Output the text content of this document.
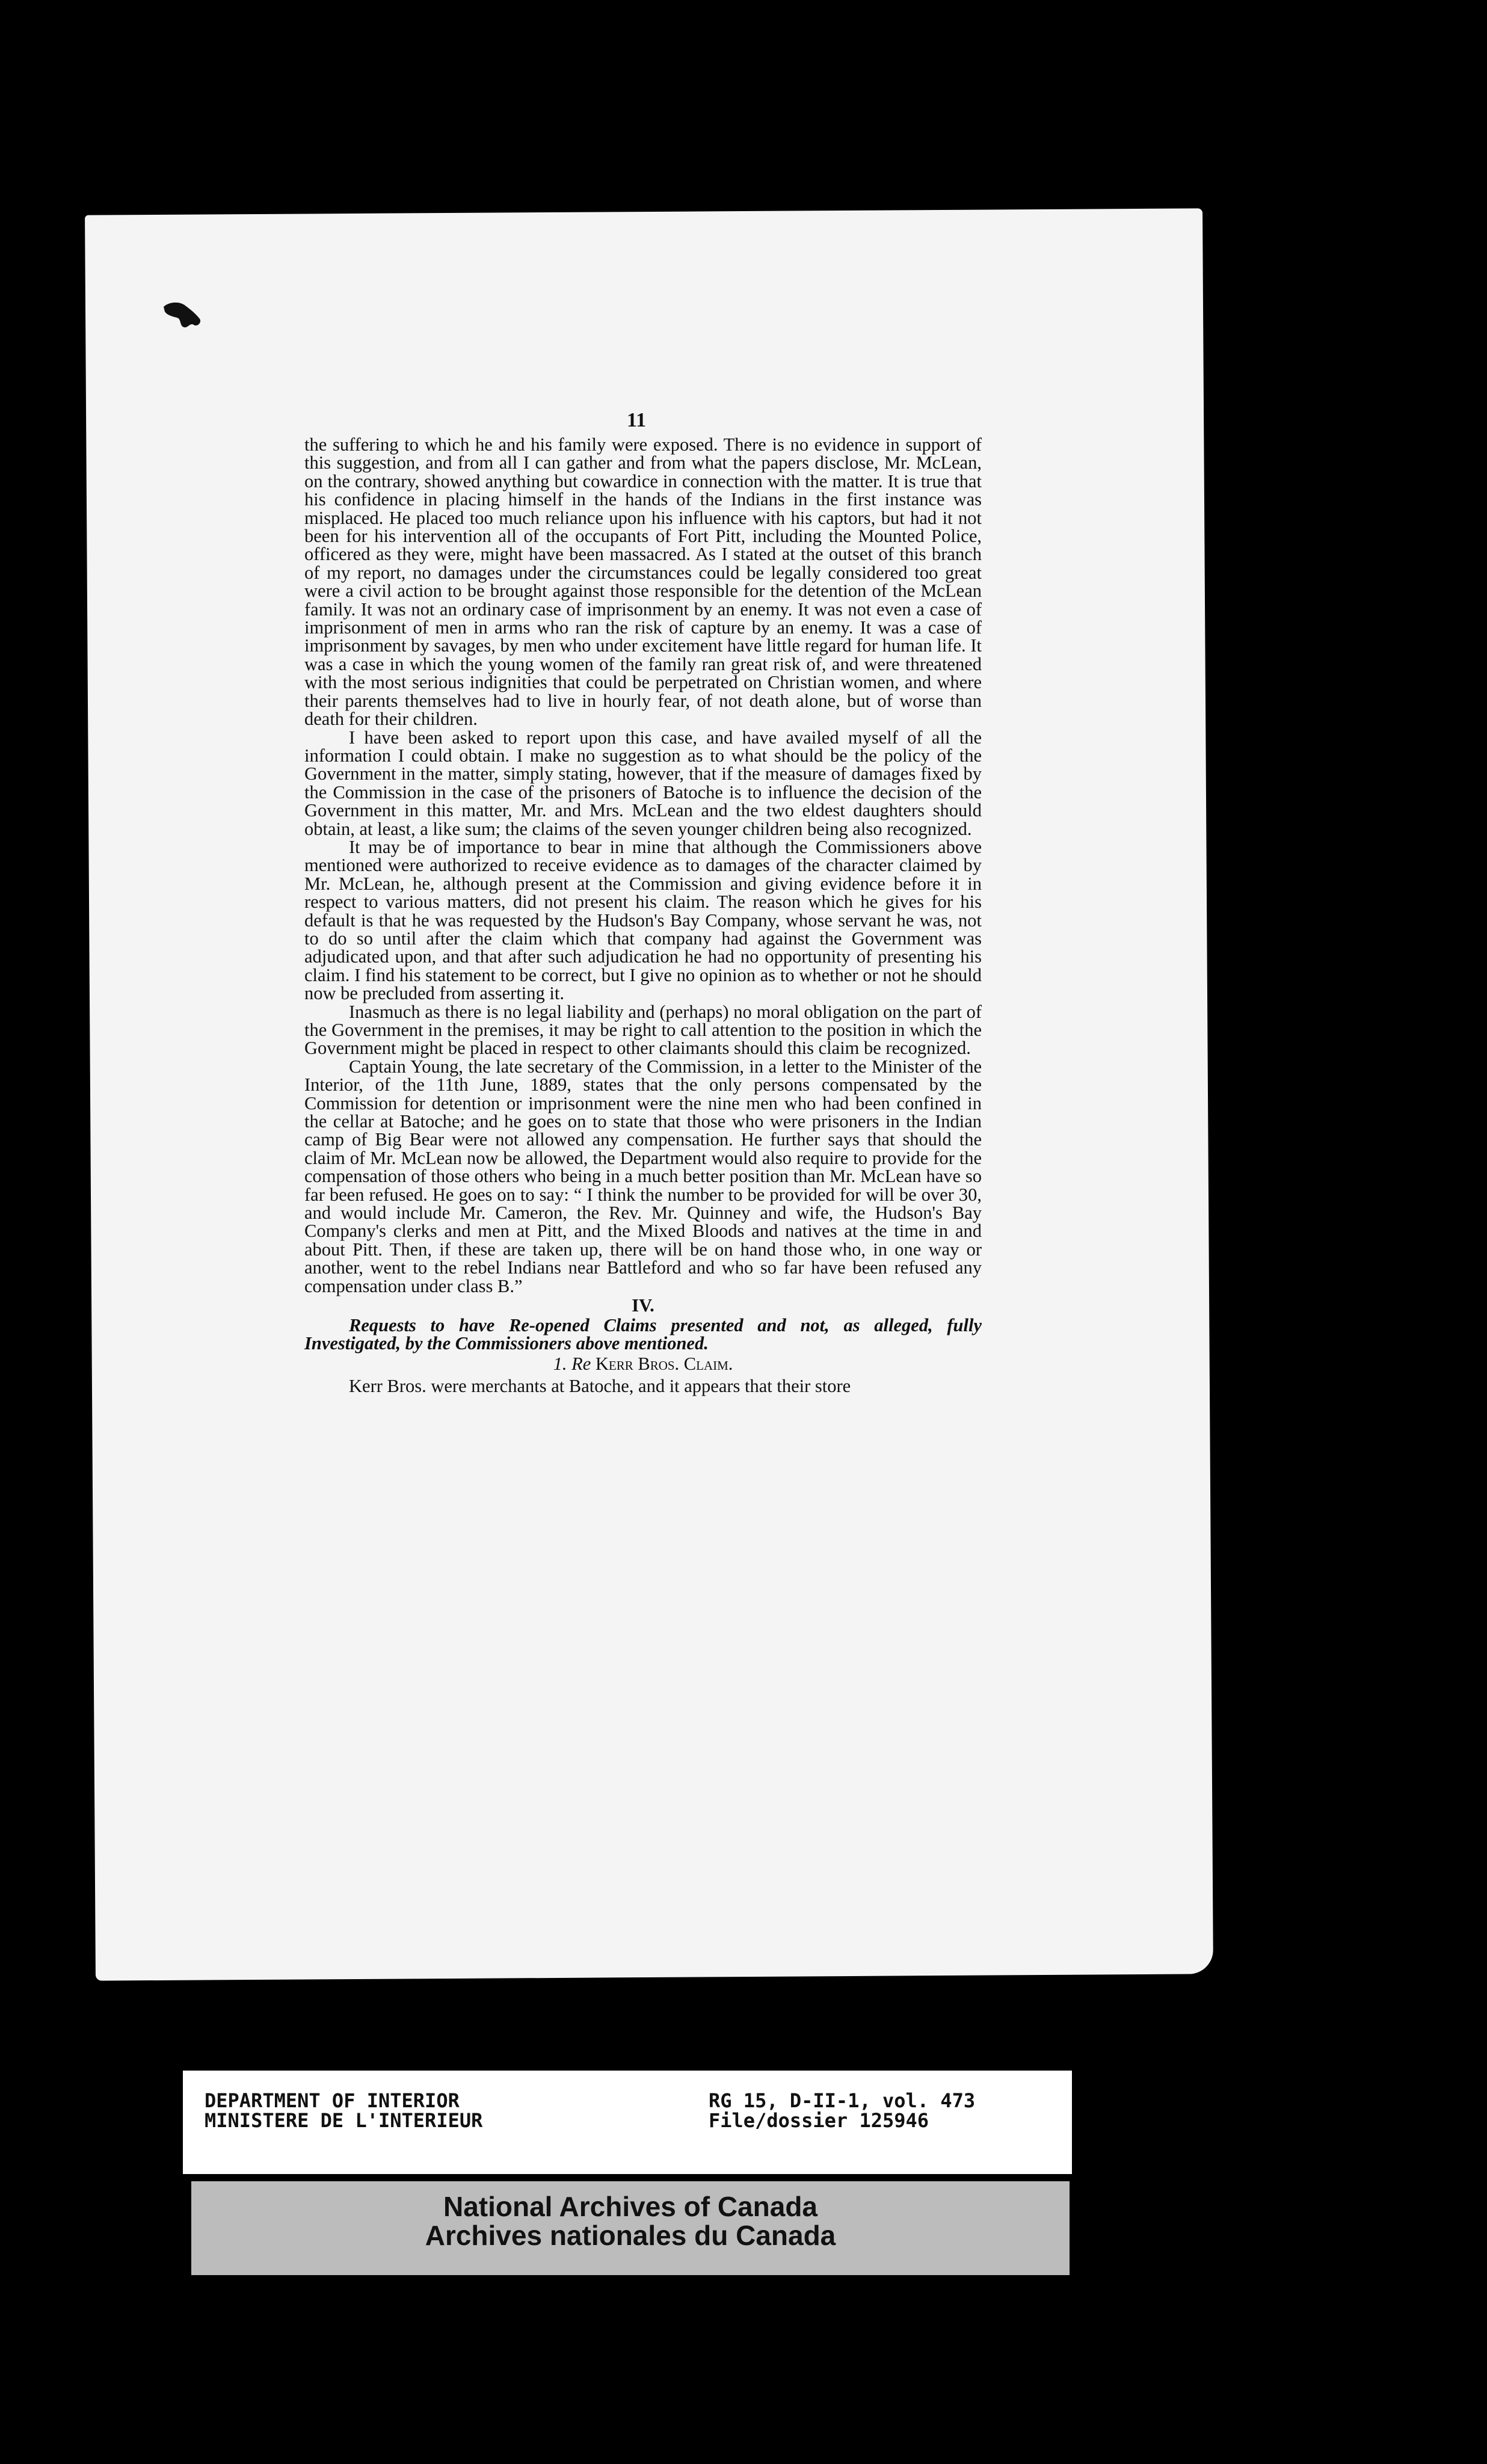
11

the suffering to which he and his family were exposed. There is no evidence in support of this suggestion, and from all I can gather and from what the papers disclose, Mr. McLean, on the contrary, showed anything but cowardice in connection with the matter. It is true that his confidence in placing himself in the hands of the Indians in the first instance was misplaced. He placed too much reliance upon his influence with his captors, but had it not been for his intervention all of the occupants of Fort Pitt, including the Mounted Police, officered as they were, might have been massacred. As I stated at the outset of this branch of my report, no damages under the circumstances could be legally considered too great were a civil action to be brought against those responsible for the detention of the McLean family. It was not an ordinary case of imprisonment by an enemy. It was not even a case of imprisonment of men in arms who ran the risk of capture by an enemy. It was a case of imprisonment by savages, by men who under excitement have little regard for human life. It was a case in which the young women of the family ran great risk of, and were threatened with the most serious indignities that could be perpetrated on Christian women, and where their parents themselves had to live in hourly fear, of not death alone, but of worse than death for their children.

I have been asked to report upon this case, and have availed myself of all the information I could obtain. I make no suggestion as to what should be the policy of the Government in the matter, simply stating, however, that if the measure of damages fixed by the Commission in the case of the prisoners of Batoche is to influence the decision of the Government in this matter, Mr. and Mrs. McLean and the two eldest daughters should obtain, at least, a like sum; the claims of the seven younger children being also recognized.

It may be of importance to bear in mine that although the Commissioners above mentioned were authorized to receive evidence as to damages of the character claimed by Mr. McLean, he, although present at the Commission and giving evidence before it in respect to various matters, did not present his claim. The reason which he gives for his default is that he was requested by the Hudson's Bay Company, whose servant he was, not to do so until after the claim which that company had against the Government was adjudicated upon, and that after such adjudication he had no opportunity of presenting his claim. I find his statement to be correct, but I give no opinion as to whether or not he should now be precluded from asserting it.

Inasmuch as there is no legal liability and (perhaps) no moral obligation on the part of the Government in the premises, it may be right to call attention to the position in which the Government might be placed in respect to other claimants should this claim be recognized.

Captain Young, the late secretary of the Commission, in a letter to the Minister of the Interior, of the 11th June, 1889, states that the only persons compensated by the Commission for detention or imprisonment were the nine men who had been confined in the cellar at Batoche; and he goes on to state that those who were prisoners in the Indian camp of Big Bear were not allowed any compensation. He further says that should the claim of Mr. McLean now be allowed, the Department would also require to provide for the compensation of those others who being in a much better position than Mr. McLean have so far been refused. He goes on to say: “ I think the number to be provided for will be over 30, and would include Mr. Cameron, the Rev. Mr. Quinney and wife, the Hudson's Bay Company's clerks and men at Pitt, and the Mixed Bloods and natives at the time in and about Pitt. Then, if these are taken up, there will be on hand those who, in one way or another, went to the rebel Indians near Battleford and who so far have been refused any compensation under class B.”

IV.
Requests to have Re-opened Claims presented and not, as alleged, fully Investigated, by the Commissioners above mentioned.
1. Re Kerr Bros. Claim.

Kerr Bros. were merchants at Batoche, and it appears that their store

DEPARTMENT OF INTERIOR
MINISTERE DE L'INTERIEUR
RG 15, D-II-1, vol. 473
File/dossier 125946
National Archives of Canada
Archives nationales du Canada
